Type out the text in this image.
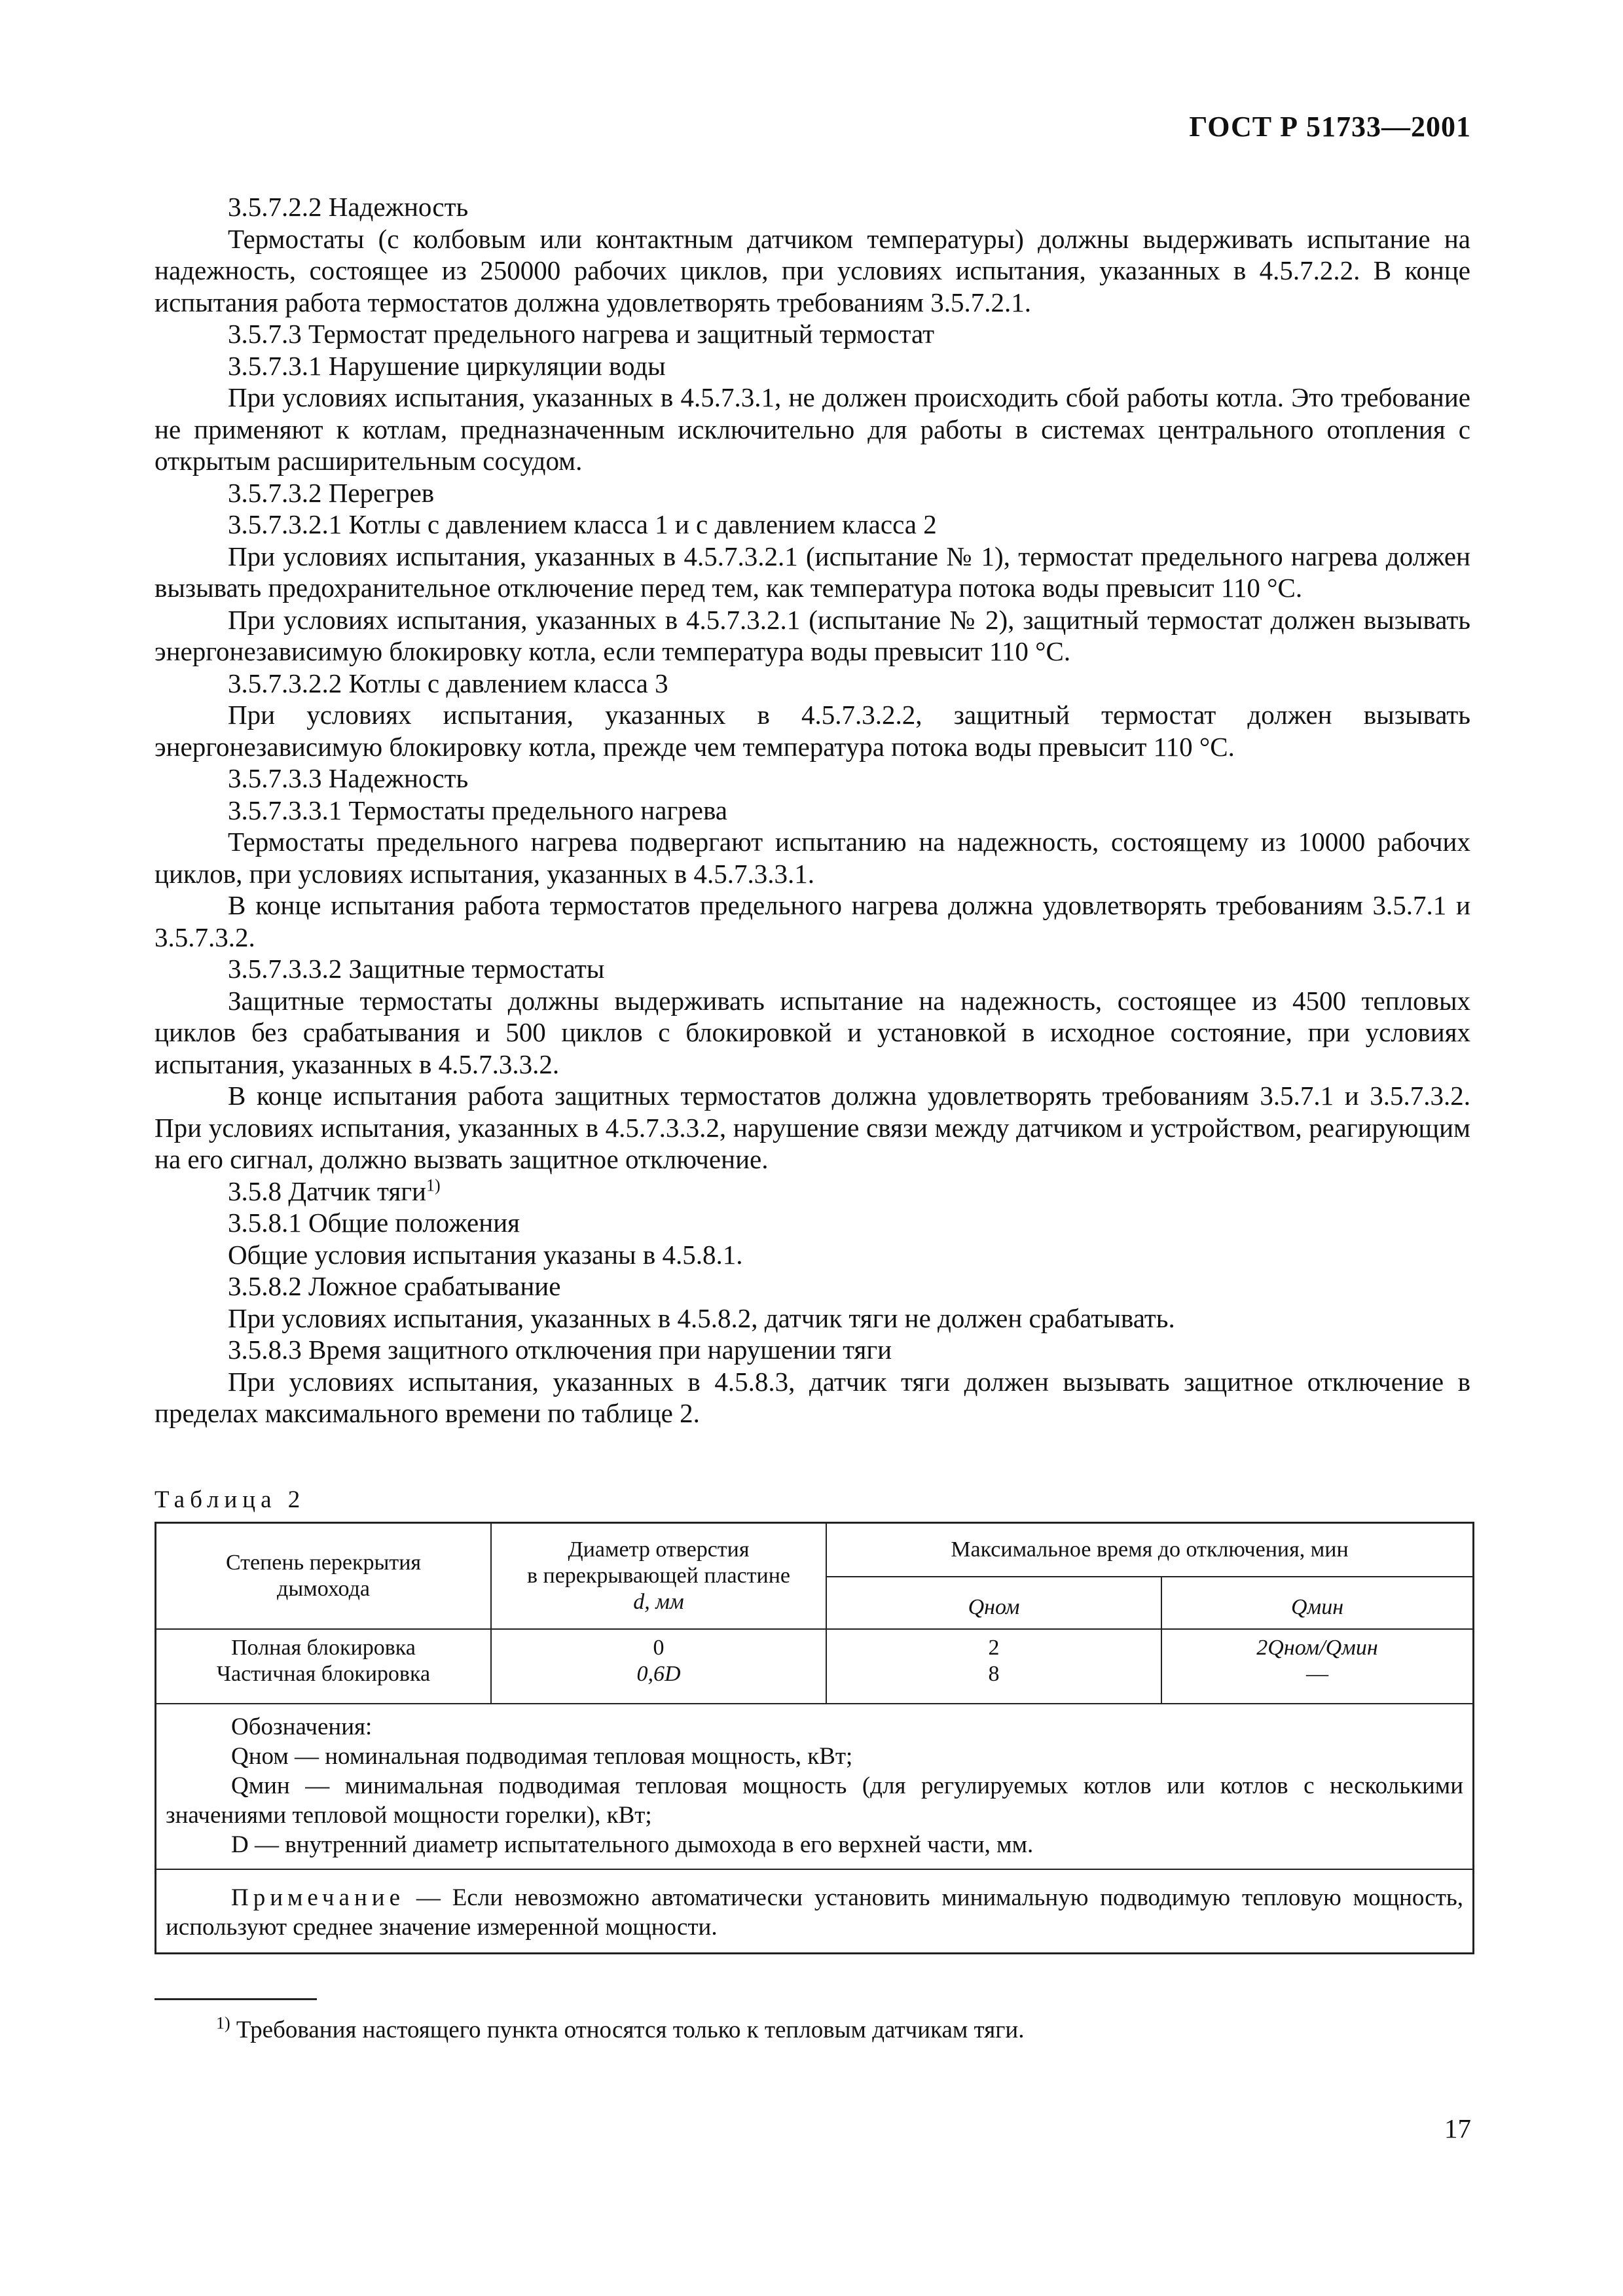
ГОСТ Р 51733—2001

3.5.7.2.2 Надежность

Термостаты (с колбовым или контактным датчиком температуры) должны выдерживать испытание на надежность, состоящее из 250000 рабочих циклов, при условиях испытания, указанных в 4.5.7.2.2. В конце испытания работа термостатов должна удовлетворять требованиям 3.5.7.2.1.

3.5.7.3 Термостат предельного нагрева и защитный термостат

3.5.7.3.1 Нарушение циркуляции воды

При условиях испытания, указанных в 4.5.7.3.1, не должен происходить сбой работы котла. Это требование не применяют к котлам, предназначенным исключительно для работы в системах центрального отопления с открытым расширительным сосудом.

3.5.7.3.2 Перегрев

3.5.7.3.2.1 Котлы с давлением класса 1 и с давлением класса 2

При условиях испытания, указанных в 4.5.7.3.2.1 (испытание № 1), термостат предельного нагрева должен вызывать предохранительное отключение перед тем, как температура потока воды превысит 110 °С.

При условиях испытания, указанных в 4.5.7.3.2.1 (испытание № 2), защитный термостат должен вызывать энергонезависимую блокировку котла, если температура воды превысит 110 °С.

3.5.7.3.2.2 Котлы с давлением класса 3

При условиях испытания, указанных в 4.5.7.3.2.2, защитный термостат должен вызывать энергонезависимую блокировку котла, прежде чем температура потока воды превысит 110 °С.

3.5.7.3.3 Надежность

3.5.7.3.3.1 Термостаты предельного нагрева

Термостаты предельного нагрева подвергают испытанию на надежность, состоящему из 10000 рабочих циклов, при условиях испытания, указанных в 4.5.7.3.3.1.

В конце испытания работа термостатов предельного нагрева должна удовлетворять требованиям 3.5.7.1 и 3.5.7.3.2.

3.5.7.3.3.2 Защитные термостаты

Защитные термостаты должны выдерживать испытание на надежность, состоящее из 4500 тепловых циклов без срабатывания и 500 циклов с блокировкой и установкой в исходное состояние, при условиях испытания, указанных в 4.5.7.3.3.2.

В конце испытания работа защитных термостатов должна удовлетворять требованиям 3.5.7.1 и 3.5.7.3.2. При условиях испытания, указанных в 4.5.7.3.3.2, нарушение связи между датчиком и устройством, реагирующим на его сигнал, должно вызвать защитное отключение.

3.5.8 Датчик тяги$^{1)}$

3.5.8.1 Общие положения

Общие условия испытания указаны в 4.5.8.1.

3.5.8.2 Ложное срабатывание

При условиях испытания, указанных в 4.5.8.2, датчик тяги не должен срабатывать.

3.5.8.3 Время защитного отключения при нарушении тяги

При условиях испытания, указанных в 4.5.8.3, датчик тяги должен вызывать защитное отключение в пределах максимального времени по таблице 2.

Таблица 2
Степень перекрытия дымохода
Диаметр отверстия
в перекрывающей пластине
d, мм
Максимальное время до отключения, мин
Qном	Qмин
Полная блокировка
Частичная блокировка
0
0,6D
2
8
2Qном/Qмин
—

Обозначения:

Qном — номинальная подводимая тепловая мощность, кВт;

Qмин — минимальная подводимая тепловая мощность (для регулируемых котлов или котлов с несколькими значениями тепловой мощности горелки), кВт;

D — внутренний диаметр испытательного дымохода в его верхней части, мм.

Примечание — Если невозможно автоматически установить минимальную подводимую тепловую мощность, используют среднее значение измеренной мощности.

$^{1)}$ Требования настоящего пункта относятся только к тепловым датчикам тяги.
17
